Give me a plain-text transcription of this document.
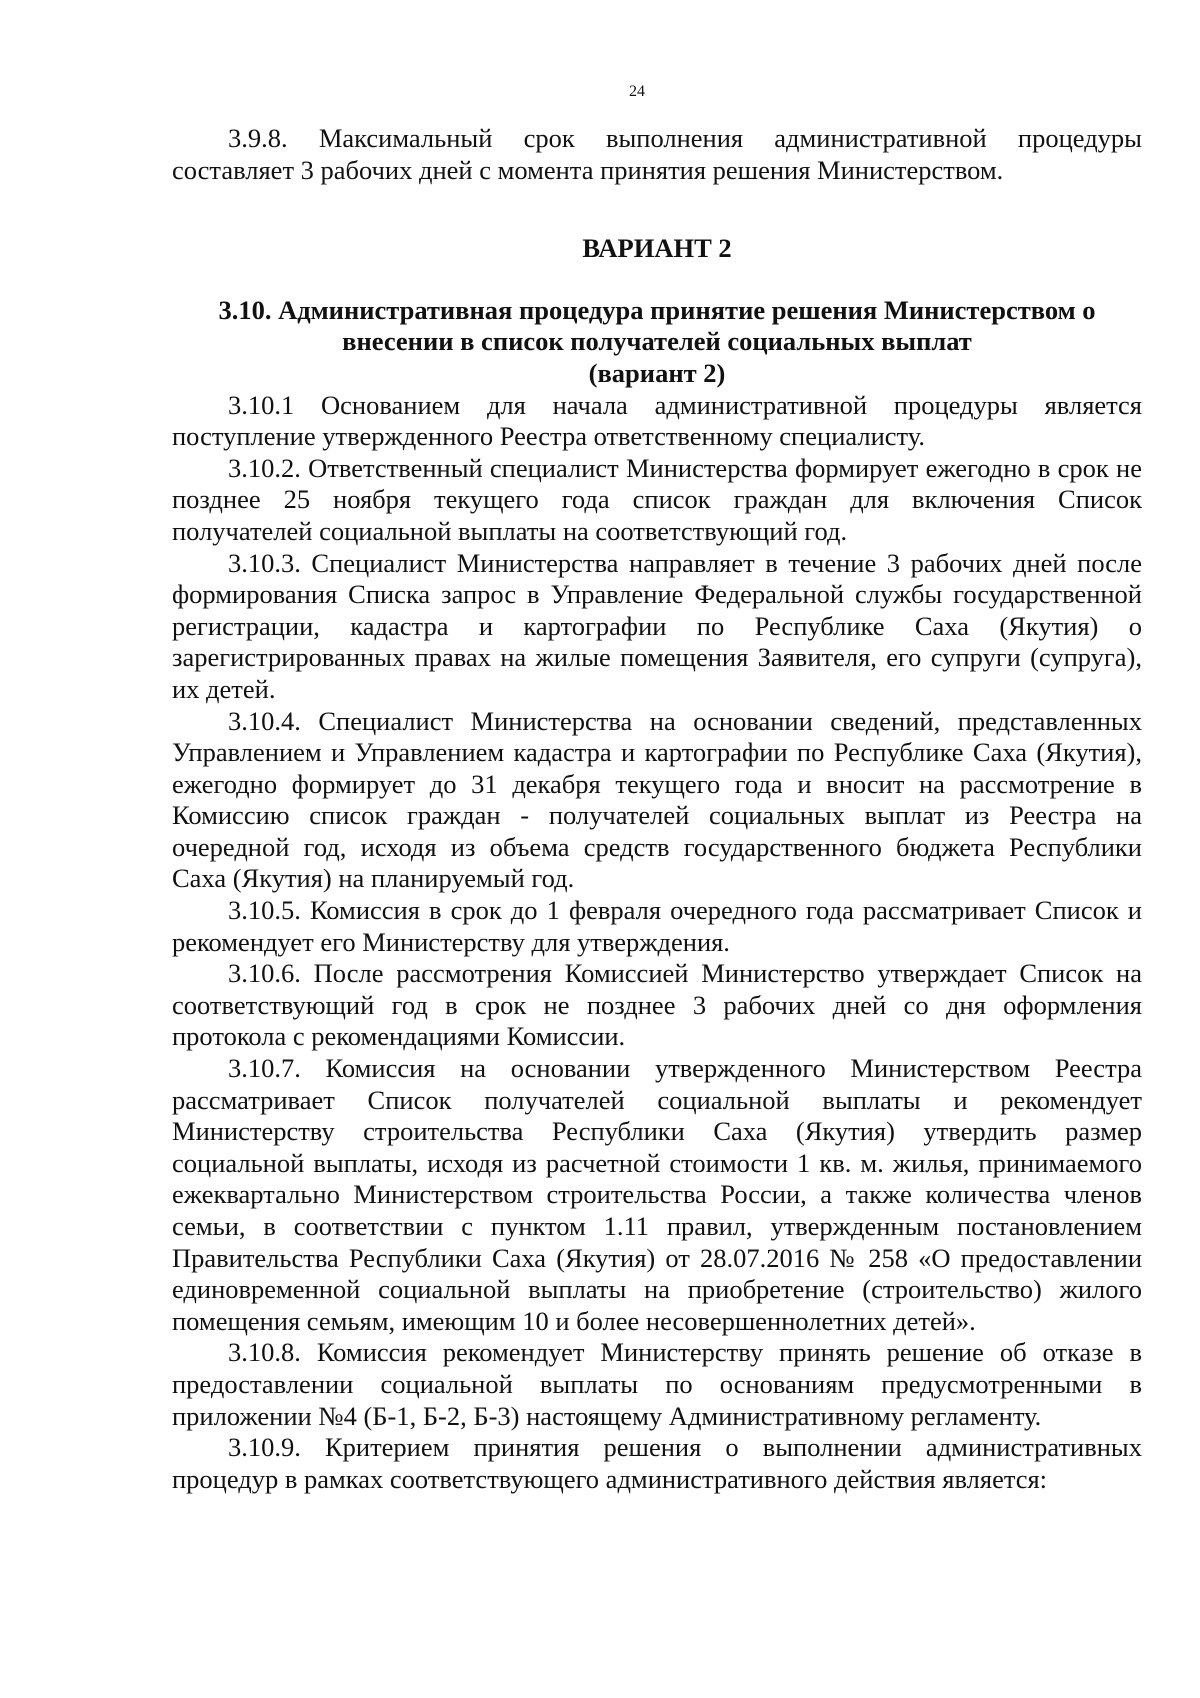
24

3.9.8. Максимальный срок выполнения административной процедуры составляет 3 рабочих дней с момента принятия решения Министерством.

ВАРИАНТ 2
3.10. Административная процедура принятие решения Министерством о
внесении в список получателей социальных выплат
(вариант 2)

3.10.1 Основанием для начала административной процедуры является поступление утвержденного Реестра ответственному специалисту.

3.10.2. Ответственный специалист Министерства формирует ежегодно в срок не позднее 25 ноября текущего года список граждан для включения Список получателей социальной выплаты на соответствующий год.

3.10.3. Специалист Министерства направляет в течение 3 рабочих дней после формирования Списка запрос в Управление Федеральной службы государственной регистрации, кадастра и картографии по Республике Саха (Якутия) о зарегистрированных правах на жилые помещения Заявителя, его супруги (супруга), их детей.

3.10.4. Специалист Министерства на основании сведений, представленных Управлением и Управлением кадастра и картографии по Республике Саха (Якутия), ежегодно формирует до 31 декабря текущего года и вносит на рассмотрение в Комиссию список граждан - получателей социальных выплат из Реестра на очередной год, исходя из объема средств государственного бюджета Республики Саха (Якутия) на планируемый год.

3.10.5. Комиссия в срок до 1 февраля очередного года рассматривает Список и рекомендует его Министерству для утверждения.

3.10.6. После рассмотрения Комиссией Министерство утверждает Список на соответствующий год в срок не позднее 3 рабочих дней со дня оформления протокола с рекомендациями Комиссии.

3.10.7. Комиссия на основании утвержденного Министерством Реестра рассматривает Список получателей социальной выплаты и рекомендует Министерству строительства Республики Саха (Якутия) утвердить размер социальной выплаты, исходя из расчетной стоимости 1 кв. м. жилья, принимаемого ежеквартально Министерством строительства России, а также количества членов семьи, в соответствии с пунктом 1.11 правил, утвержденным постановлением Правительства Республики Саха (Якутия) от 28.07.2016 № 258 «О предоставлении единовременной социальной выплаты на приобретение (строительство) жилого помещения семьям, имеющим 10 и более несовершеннолетних детей».

3.10.8. Комиссия рекомендует Министерству принять решение об отказе в предоставлении социальной выплаты по основаниям предусмотренными в приложении №4 (Б-1, Б-2, Б-3) настоящему Административному регламенту.

3.10.9. Критерием принятия решения о выполнении административных процедур в рамках соответствующего административного действия является:
